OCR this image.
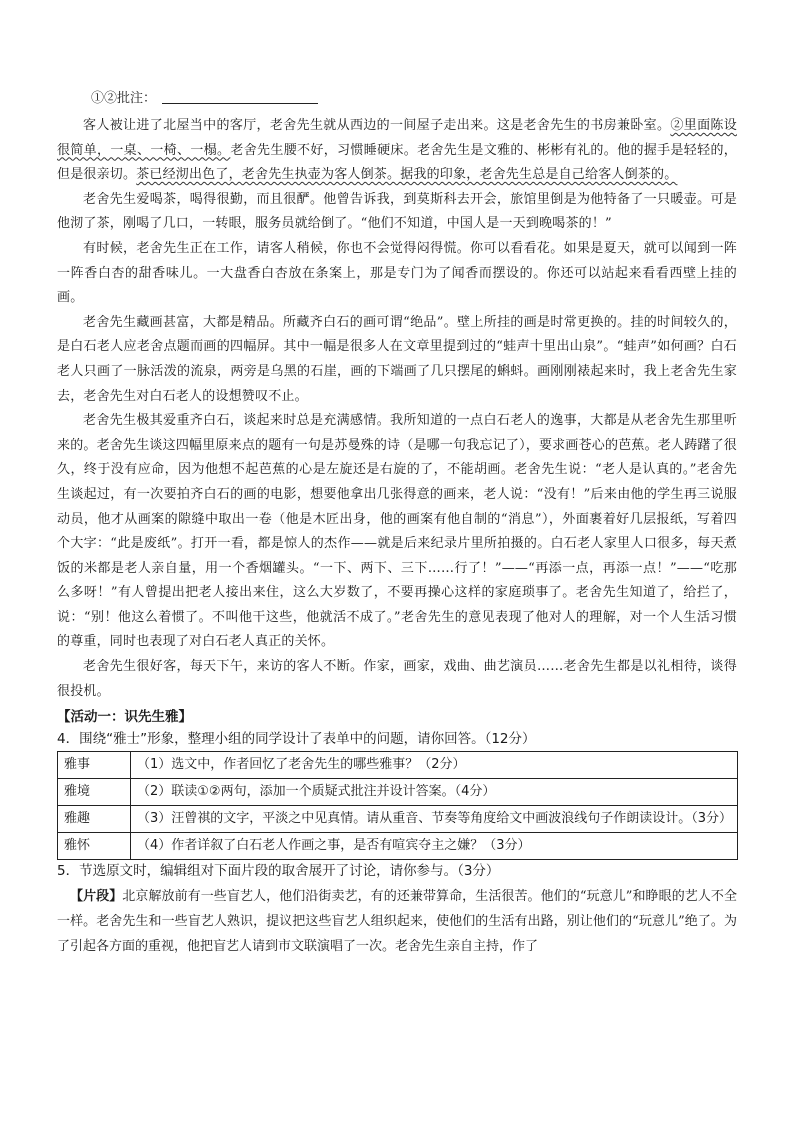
①②批注：

客人被让进了北屋当中的客厅，老舍先生就从西边的一间屋子走出来。这是老舍先生的书房兼卧室。②里面陈设很简单，一桌、一椅、一榻。老舍先生腰不好，习惯睡硬床。老舍先生是文雅的、彬彬有礼的。他的握手是轻轻的，但是很亲切。茶已经沏出色了，老舍先生执壶为客人倒茶。据我的印象，老舍先生总是自己给客人倒茶的。

老舍先生爱喝茶，喝得很勤，而且很酽。他曾告诉我，到莫斯科去开会，旅馆里倒是为他特备了一只暖壶。可是他沏了茶，刚喝了几口，一转眼，服务员就给倒了。“他们不知道，中国人是一天到晚喝茶的！”

有时候，老舍先生正在工作，请客人稍候，你也不会觉得闷得慌。你可以看看花。如果是夏天，就可以闻到一阵一阵香白杏的甜香味儿。一大盘香白杏放在条案上，那是专门为了闻香而摆设的。你还可以站起来看看西壁上挂的画。

老舍先生藏画甚富，大都是精品。所藏齐白石的画可谓“绝品”。壁上所挂的画是时常更换的。挂的时间较久的，是白石老人应老舍点题而画的四幅屏。其中一幅是很多人在文章里提到过的“蛙声十里出山泉”。“蛙声”如何画？白石老人只画了一脉活泼的流泉，两旁是乌黑的石崖，画的下端画了几只摆尾的蝌蚪。画刚刚裱起来时，我上老舍先生家去，老舍先生对白石老人的设想赞叹不止。

老舍先生极其爱重齐白石，谈起来时总是充满感情。我所知道的一点白石老人的逸事，大都是从老舍先生那里听来的。老舍先生谈这四幅里原来点的题有一句是苏曼殊的诗（是哪一句我忘记了），要求画苍心的芭蕉。老人踌躇了很久，终于没有应命，因为他想不起芭蕉的心是左旋还是右旋的了，不能胡画。老舍先生说：“老人是认真的。”老舍先生谈起过，有一次要拍齐白石的画的电影，想要他拿出几张得意的画来，老人说：“没有！”后来由他的学生再三说服动员，他才从画案的隙缝中取出一卷（他是木匠出身，他的画案有他自制的“消息”），外面裹着好几层报纸，写着四个大字：“此是废纸”。打开一看，都是惊人的杰作——就是后来纪录片里所拍摄的。白石老人家里人口很多，每天煮饭的米都是老人亲自量，用一个香烟罐头。“一下、两下、三下……行了！”——“再添一点，再添一点！”——“吃那么多呀！”有人曾提出把老人接出来住，这么大岁数了，不要再操心这样的家庭琐事了。老舍先生知道了，给拦了，说：“别！他这么着惯了。不叫他干这些，他就活不成了。”老舍先生的意见表现了他对人的理解，对一个人生活习惯的尊重，同时也表现了对白石老人真正的关怀。

老舍先生很好客，每天下午，来访的客人不断。作家，画家，戏曲、曲艺演员……老舍先生都是以礼相待，谈得很投机。

【活动一：识先生雅】
4．围绕“雅士”形象，整理小组的同学设计了表单中的问题，请你回答。（12分）
雅事	（1）选文中，作者回忆了老舍先生的哪些雅事？（2分）
雅境	（2）联读①②两句，添加一个质疑式批注并设计答案。（4分）
雅趣	（3）汪曾祺的文字，平淡之中见真情。请从重音、节奏等角度给文中画波浪线句子作朗读设计。（3分）
雅怀	（4）作者详叙了白石老人作画之事，是否有喧宾夺主之嫌？（3分）
5．节选原文时，编辑组对下面片段的取舍展开了讨论，请你参与。（3分）

【片段】北京解放前有一些盲艺人，他们沿街卖艺，有的还兼带算命，生活很苦。他们的“玩意儿”和睁眼的艺人不全一样。老舍先生和一些盲艺人熟识，提议把这些盲艺人组织起来，使他们的生活有出路，别让他们的“玩意儿”绝了。为了引起各方面的重视，他把盲艺人请到市文联演唱了一次。老舍先生亲自主持，作了
